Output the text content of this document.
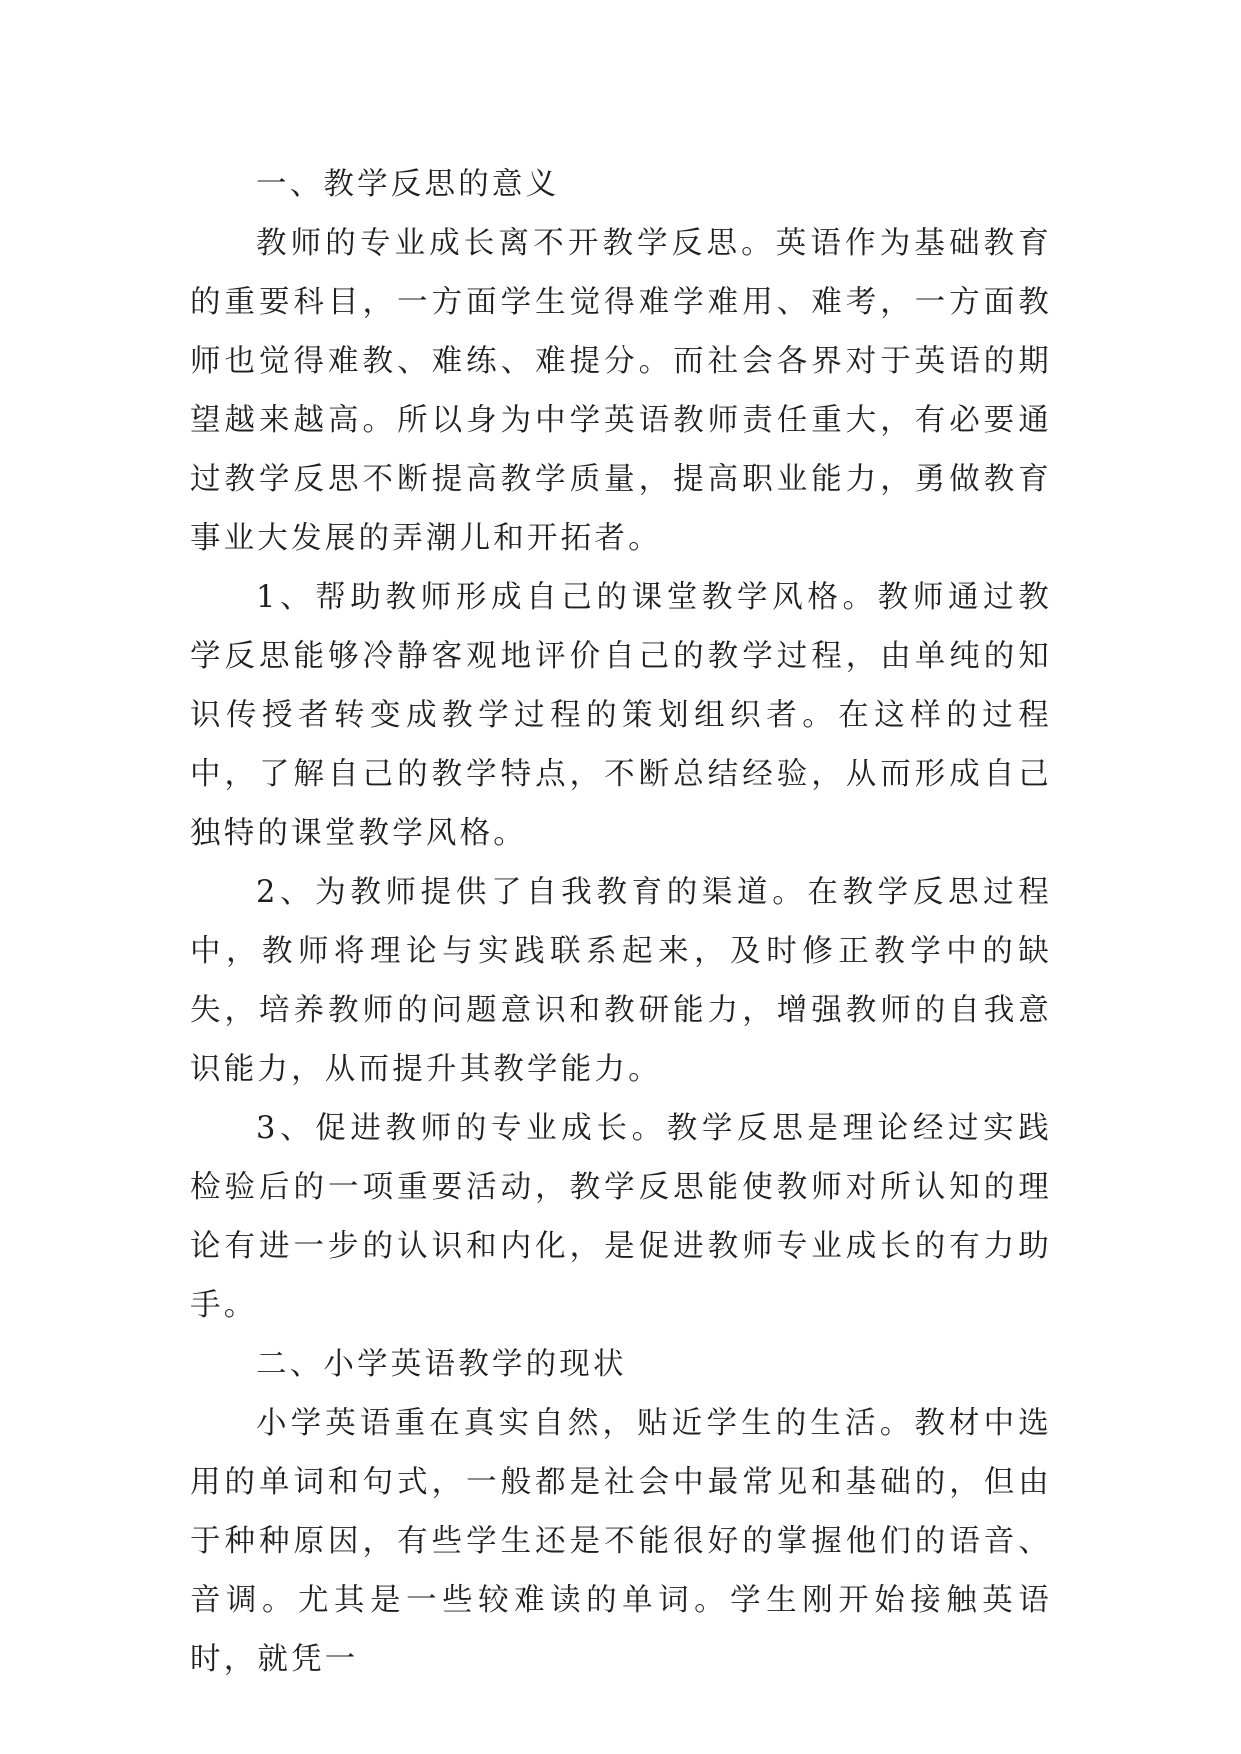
一、教学反思的意义

教师的专业成长离不开教学反思。英语作为基础教育的重要科目，一方面学生觉得难学难用、难考，一方面教师也觉得难教、难练、难提分。而社会各界对于英语的期望越来越高。所以身为中学英语教师责任重大，有必要通过教学反思不断提高教学质量，提高职业能力，勇做教育事业大发展的弄潮儿和开拓者。

1、帮助教师形成自己的课堂教学风格。教师通过教学反思能够冷静客观地评价自己的教学过程，由单纯的知识传授者转变成教学过程的策划组织者。在这样的过程中，了解自己的教学特点，不断总结经验，从而形成自己独特的课堂教学风格。

2、为教师提供了自我教育的渠道。在教学反思过程中，教师将理论与实践联系起来，及时修正教学中的缺失，培养教师的问题意识和教研能力，增强教师的自我意识能力，从而提升其教学能力。

3、促进教师的专业成长。教学反思是理论经过实践检验后的一项重要活动，教学反思能使教师对所认知的理论有进一步的认识和内化，是促进教师专业成长的有力助手。

二、小学英语教学的现状

小学英语重在真实自然，贴近学生的生活。教材中选用的单词和句式，一般都是社会中最常见和基础的，但由于种种原因，有些学生还是不能很好的掌握他们的语音、音调。尤其是一些较难读的单词。学生刚开始接触英语时，就凭一
